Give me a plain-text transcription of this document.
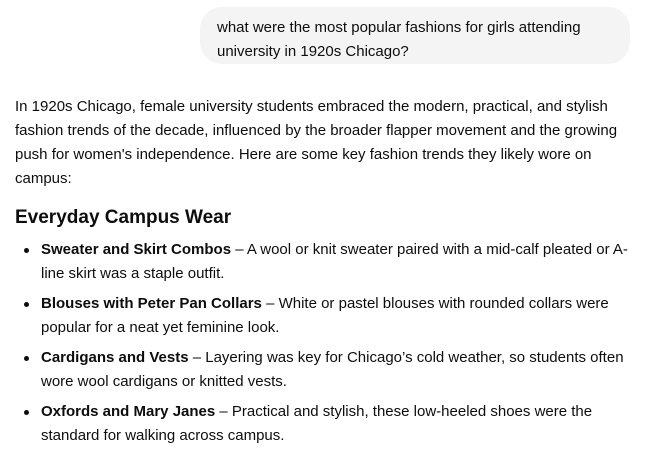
what were the most popular fashions for girls attending university in 1920s Chicago?

In 1920s Chicago, female university students embraced the modern, practical, and stylish fashion trends of the decade, influenced by the broader flapper movement and the growing push for women's independence. Here are some key fashion trends they likely wore on campus:

Everyday Campus Wear
Sweater and Skirt Combos – A wool or knit sweater paired with a mid-calf pleated or A-line skirt was a staple outfit.
Blouses with Peter Pan Collars – White or pastel blouses with rounded collars were popular for a neat yet feminine look.
Cardigans and Vests – Layering was key for Chicago’s cold weather, so students often wore wool cardigans or knitted vests.
Oxfords and Mary Janes – Practical and stylish, these low-heeled shoes were the standard for walking across campus.
